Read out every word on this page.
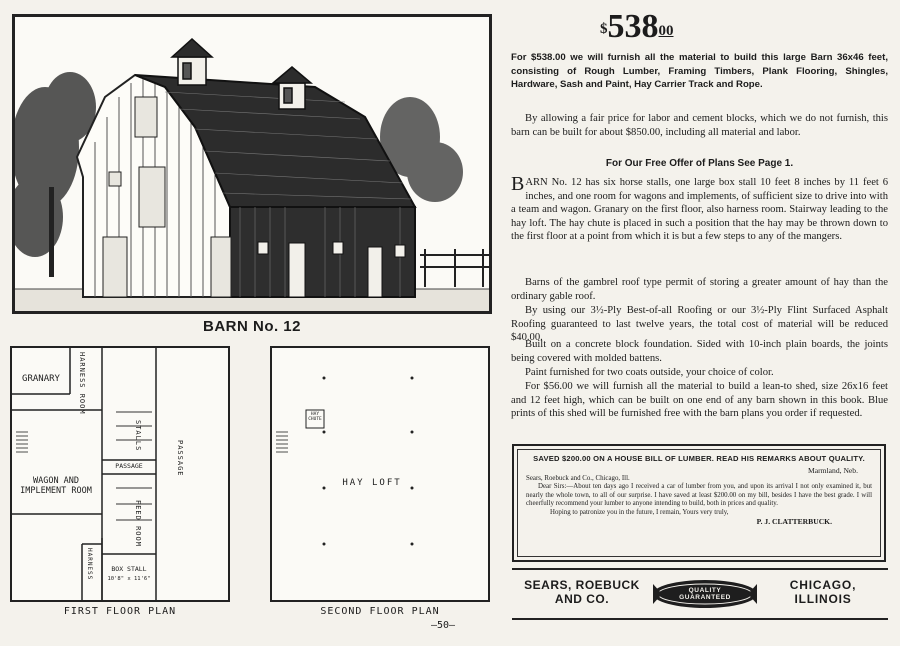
BARN No. 12
GRANARY	HARNESS ROOM
WAGON AND IMPLEMENT ROOM
STALLS
PASSAGE	PASSAGE
FEED ROOM
BOX STALL
10'8" x 11'6"
HARNESS
FIRST FLOOR PLAN
HAY CHUTE
HAY LOFT
SECOND FLOOR PLAN
—50—
$^{\$}538^{00}$
For $538.00 we will furnish all the material to build this large Barn 36x46 feet, consisting of Rough Lumber, Framing Timbers, Plank Flooring, Shingles, Hardware, Sash and Paint, Hay Carrier Track and Rope.
By allowing a fair price for labor and cement blocks, which we do not furnish, this barn can be built for about $850.00, including all material and labor.
For Our Free Offer of Plans See Page 1.
BARN No. 12 has six horse stalls, one large box stall 10 feet 8 inches by 11 feet 6 inches, and one room for wagons and implements, of sufficient size to drive into with a team and wagon. Granary on the first floor, also harness room. Stairway leading to the hay loft. The hay chute is placed in such a position that the hay may be thrown down to the first floor at a point from which it is but a few steps to any of the mangers.
Barns of the gambrel roof type permit of storing a greater amount of hay than the ordinary gable roof.
By using our 3½-Ply Best-of-all Roofing or our 3½-Ply Flint Surfaced Asphalt Roofing guaranteed to last twelve years, the total cost of material will be reduced $40.00.
Built on a concrete block foundation. Sided with 10-inch plain boards, the joints being covered with molded battens.
Paint furnished for two coats outside, your choice of color.
For $56.00 we will furnish all the material to build a lean-to shed, size 26x16 feet and 12 feet high, which can be built on one end of any barn shown in this book. Blue prints of this shed will be furnished free with the barn plans you order if requested.
SAVED $200.00 ON A HOUSE BILL OF LUMBER. READ HIS REMARKS ABOUT QUALITY.
Marmland, Neb.
Sears, Roebuck and Co., Chicago, Ill.
Dear Sirs:—About ten days ago I received a car of lumber from you, and upon its arrival I not only examined it, but nearly the whole town, to all of our surprise. I have saved at least $200.00 on my bill, besides I have the best grade. I will cheerfully recommend your lumber to anyone intending to build, both in prices and quality.
Hoping to patronize you in the future, I remain, Yours very truly,
P. J. CLATTERBUCK.
SEARS, ROEBUCK
AND CO.
QUALITY GUARANTEED
CHICAGO,
ILLINOIS
